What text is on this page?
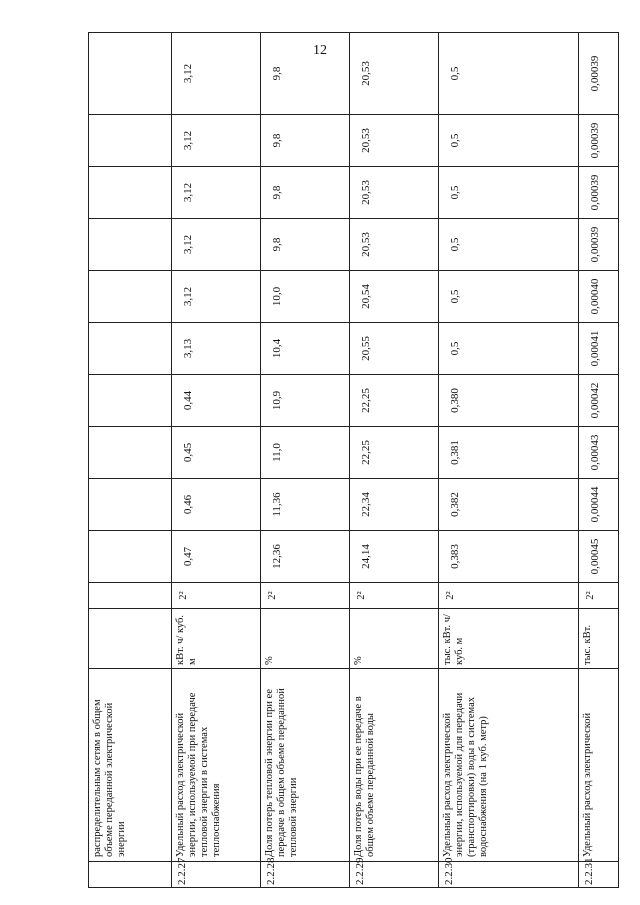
12
	распределительным сетям в общем объеме переданной электрической энергии												
2.2.27	Удельный расход электрической энергии, используемой при передаче тепловой энергии в системах теплоснабжения	кВт. ч/ куб. м	2²	0,47	0,46	0,45	0,44	3,13	3,12	3,12	3,12	3,12	3,12
2.2.28	Доля потерь тепловой энергии при ее передаче в общем объеме переданной тепловой энергии	%	2²	12,36	11,36	11,0	10,9	10,4	10,0	9,8	9,8	9,8	9,8
2.2.29	Доля потерь воды при ее передаче в общем объеме переданной воды	%	2²	24,14	22,34	22,25	22,25	20,55	20,54	20,53	20,53	20,53	20,53
2.2.30	Удельный расход электрической энергии, используемой для передачи (транспортировки) воды в системах водоснабжения (на 1 куб. метр)	тыс. кВт. ч/ куб. м	2²	0,383	0,382	0,381	0,380	0,5	0,5	0,5	0,5	0,5	0,5
2.2.31	Удельный расход электрической	тыс. кВт.	2²	0,00045	0,00044	0,00043	0,00042	0,00041	0,00040	0,00039	0,00039	0,00039	0,00039
